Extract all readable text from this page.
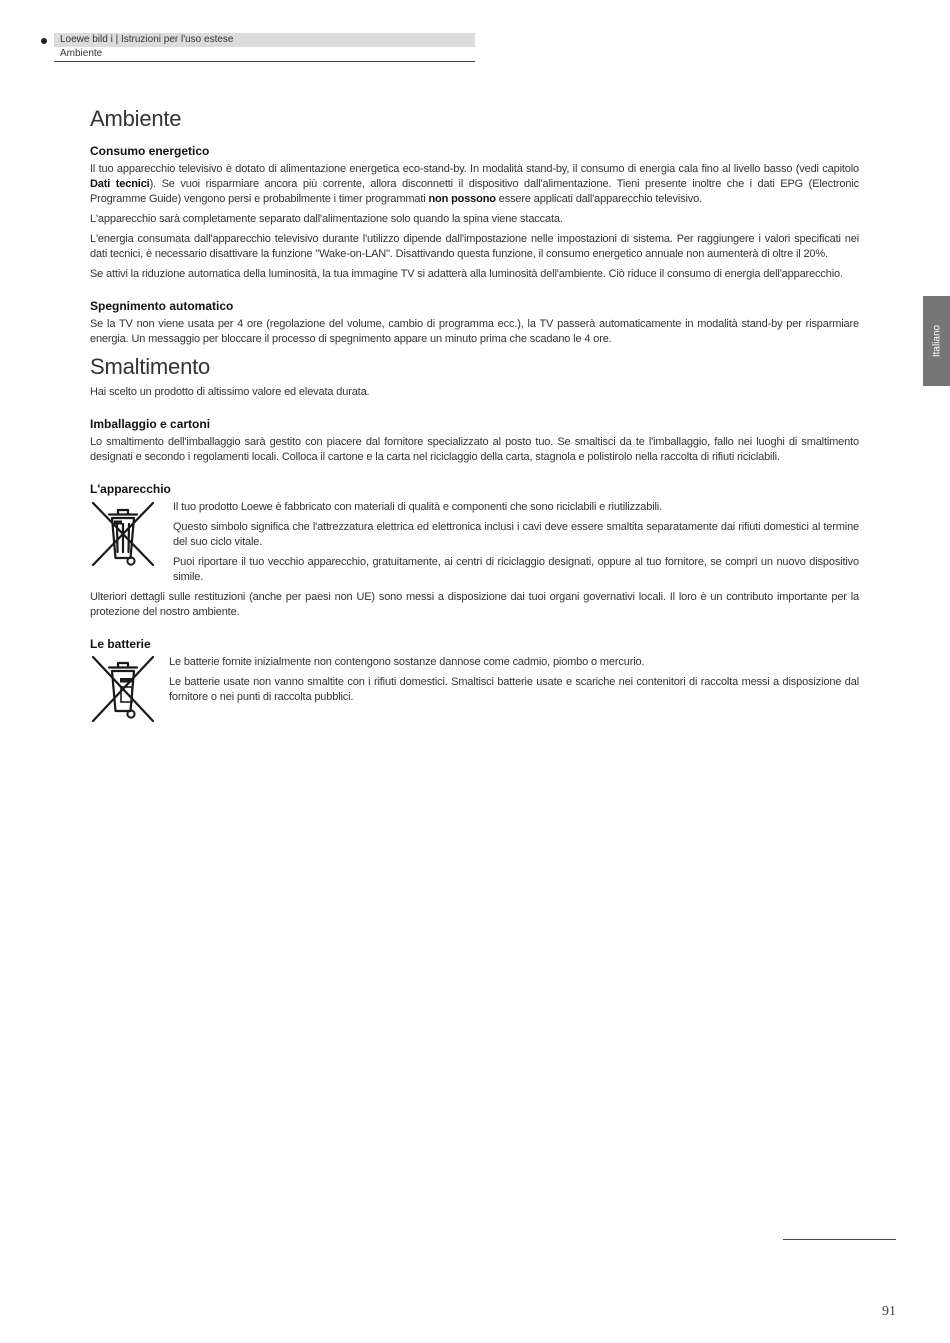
Loewe bild i | Istruzioni per l'uso estese
Ambiente
Italiano
Ambiente
Consumo energetico

Il tuo apparecchio televisivo è dotato di alimentazione energetica eco-stand-by. In modalità stand-by, il consumo di energia cala fino al livello basso (vedi capitolo Dati tecnici). Se vuoi risparmiare ancora più corrente, allora disconnetti il dispositivo dall'alimentazione. Tieni presente inoltre che i dati EPG (Electronic Programme Guide) vengono persi e probabilmente i timer programmati non possono essere applicati dall'apparecchio televisivo.

L'apparecchio sarà completamente separato dall'alimentazione solo quando la spina viene staccata.

L'energia consumata dall'apparecchio televisivo durante l'utilizzo dipende dall'impostazione nelle impostazioni di sistema. Per raggiungere i valori specificati nei dati tecnici, è necessario disattivare la funzione "Wake-on-LAN". Disattivando questa funzione, il consumo energetico annuale non aumenterà di oltre il 20%.

Se attivi la riduzione automatica della luminosità, la tua immagine TV si adatterà alla luminosità dell'ambiente. Ciò riduce il consumo di energia dell'apparecchio.

Spegnimento automatico

Se la TV non viene usata per 4 ore (regolazione del volume, cambio di programma ecc.), la TV passerà automaticamente in modalità stand-by per risparmiare energia. Un messaggio per bloccare il processo di spegnimento appare un minuto prima che scadano le 4 ore.

Smaltimento

Hai scelto un prodotto di altissimo valore ed elevata durata.

Imballaggio e cartoni

Lo smaltimento dell'imballaggio sarà gestito con piacere dal fornitore specializzato al posto tuo. Se smaltisci da te l'imballaggio, fallo nei luoghi di smaltimento designati e secondo i regolamenti locali. Colloca il cartone e la carta nel riciclaggio della carta, stagnola e polistirolo nella raccolta di rifiuti riciclabili.

L'apparecchio

Il tuo prodotto Loewe è fabbricato con materiali di qualità e componenti che sono riciclabili e riutilizzabili.

Questo simbolo significa che l'attrezzatura elettrica ed elettronica inclusi i cavi deve essere smaltita separatamente dai rifiuti domestici al termine del suo ciclo vitale.

Puoi riportare il tuo vecchio apparecchio, gratuitamente, ai centri di riciclaggio designati, oppure al tuo fornitore, se compri un nuovo dispositivo simile.

Ulteriori dettagli sulle restituzioni (anche per paesi non UE) sono messi a disposizione dai tuoi organi governativi locali. Il loro è un contributo importante per la protezione del nostro ambiente.

Le batterie

Le batterie fornite inizialmente non contengono sostanze dannose come cadmio, piombo o mercurio.

Le batterie usate non vanno smaltite con i rifiuti domestici. Smaltisci batterie usate e scariche nei contenitori di raccolta messi a disposizione dal fornitore o nei punti di raccolta pubblici.

91
